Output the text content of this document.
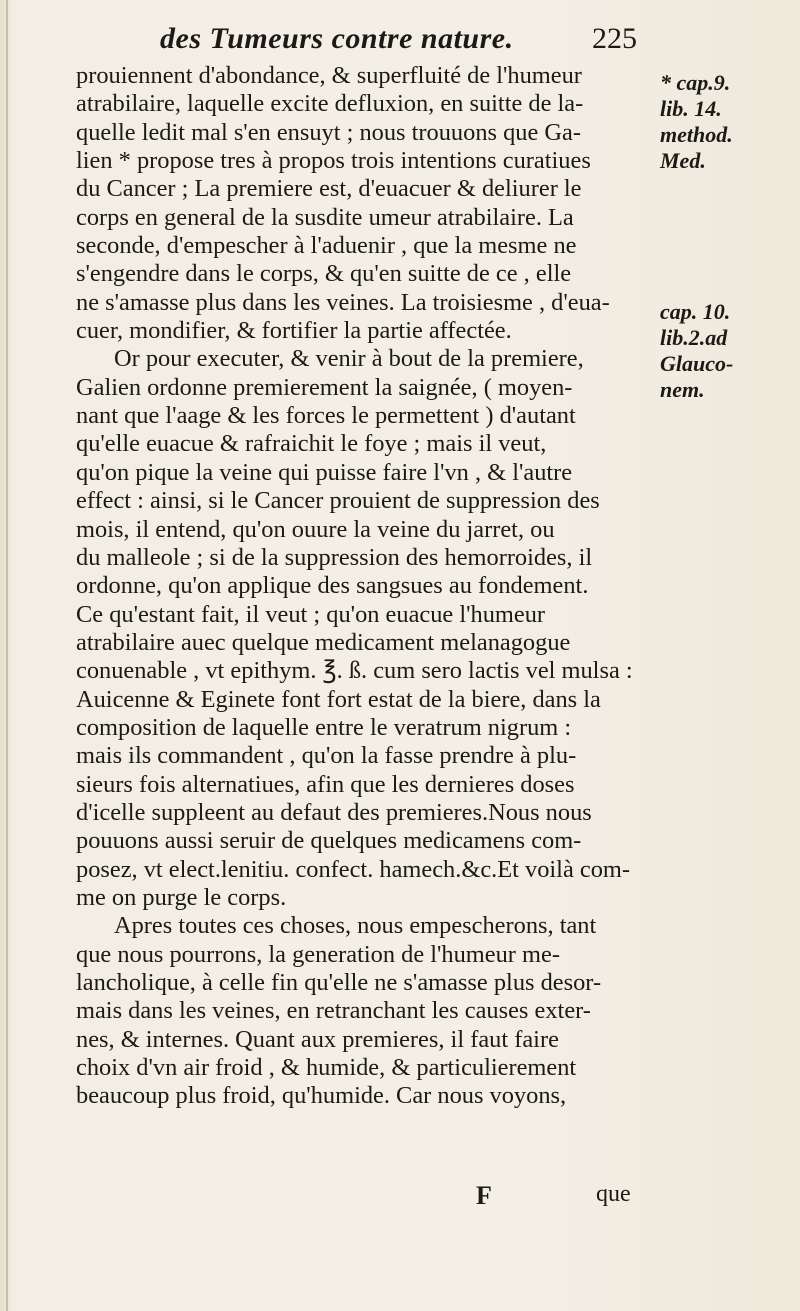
des Tumeurs contre nature.	225
prouiennent d'abondance, & superfluité de l'humeur
atrabilaire, laquelle excite defluxion, en suitte de la-
quelle ledit mal s'en ensuyt ; nous trouuons que Ga-
lien * propose tres à propos trois intentions curatiues
du Cancer ; La premiere est, d'euacuer & deliurer le
corps en general de la susdite umeur atrabilaire. La
seconde, d'empescher à l'aduenir , que la mesme ne
s'engendre dans le corps, & qu'en suitte de ce , elle
ne s'amasse plus dans les veines. La troisiesme , d'eua-
cuer, mondifier, & fortifier la partie affectée.
Or pour executer, & venir à bout de la premiere,
Galien ordonne premierement la saignée, ( moyen-
nant que l'aage & les forces le permettent ) d'autant
qu'elle euacue & rafraichit le foye ; mais il veut,
qu'on pique la veine qui puisse faire l'vn , & l'autre
effect : ainsi, si le Cancer prouient de suppression des
mois, il entend, qu'on ouure la veine du jarret, ou
du malleole ; si de la suppression des hemorroides, il
ordonne, qu'on applique des sangsues au fondement.
Ce qu'estant fait, il veut ; qu'on euacue l'humeur
atrabilaire auec quelque medicament melanagogue
conuenable , vt epithym. ℥. ß. cum sero lactis vel mulsa :
Auicenne & Eginete font fort estat de la biere, dans la
composition de laquelle entre le veratrum nigrum :
mais ils commandent , qu'on la fasse prendre à plu-
sieurs fois alternatiues, afin que les dernieres doses
d'icelle suppleent au defaut des premieres.Nous nous
pouuons aussi seruir de quelques medicamens com-
posez, vt elect.lenitiu. confect. hamech.&c.Et voilà com-
me on purge le corps.
Apres toutes ces choses, nous empescherons, tant
que nous pourrons, la generation de l'humeur me-
lancholique, à celle fin qu'elle ne s'amasse plus desor-
mais dans les veines, en retranchant les causes exter-
nes, & internes. Quant aux premieres, il faut faire
choix d'vn air froid , & humide, & particulierement
beaucoup plus froid, qu'humide. Car nous voyons,
* cap.9.
lib. 14.
method.
Med.
cap. 10.
lib.2.ad
Glauco-
nem.
F	que
